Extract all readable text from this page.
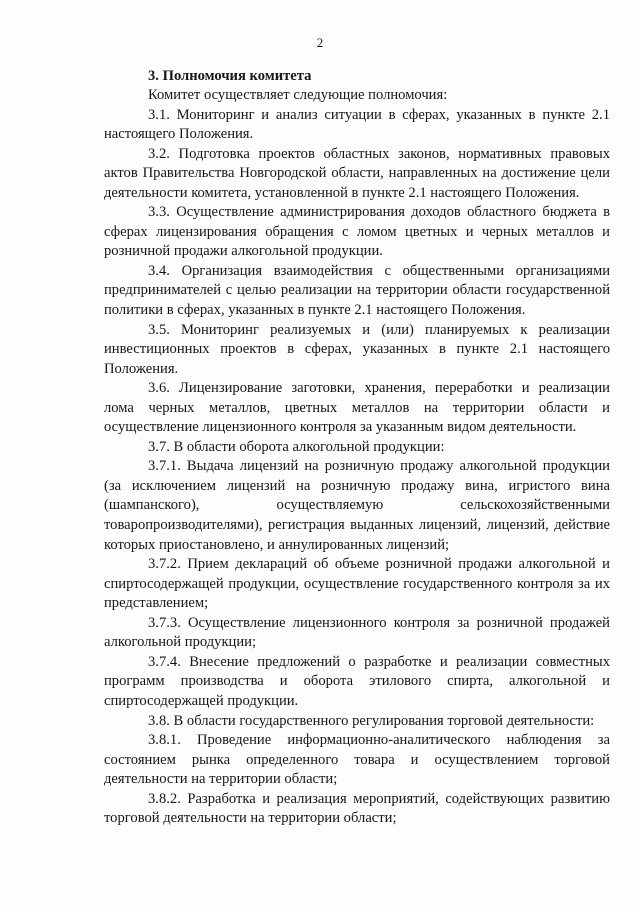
2

3. Полномочия комитета

Комитет осуществляет следующие полномочия:

3.1. Мониторинг и анализ ситуации в сферах, указанных в пункте 2.1 настоящего Положения.

3.2. Подготовка проектов областных законов, нормативных правовых актов Правительства Новгородской области, направленных на достижение цели деятельности комитета, установленной в пункте 2.1 настоящего Положения.

3.3. Осуществление администрирования доходов областного бюджета в сферах лицензирования обращения с ломом цветных и черных металлов и розничной продажи алкогольной продукции.

3.4. Организация взаимодействия с общественными организациями предпринимателей с целью реализации на территории области государственной политики в сферах, указанных в пункте 2.1 настоящего Положения.

3.5. Мониторинг реализуемых и (или) планируемых к реализации инвестиционных проектов в сферах, указанных в пункте 2.1 настоящего Положения.

3.6. Лицензирование заготовки, хранения, переработки и реализации лома черных металлов, цветных металлов на территории области и осуществление лицензионного контроля за указанным видом деятельности.

3.7. В области оборота алкогольной продукции:

3.7.1. Выдача лицензий на розничную продажу алкогольной продукции (за исключением лицензий на розничную продажу вина, игристого вина (шампанского), осуществляемую сельскохозяйственными товаропроизводителями), регистрация выданных лицензий, лицензий, действие которых приостановлено, и аннулированных лицензий;

3.7.2. Прием деклараций об объеме розничной продажи алкогольной и спиртосодержащей продукции, осуществление государственного контроля за их представлением;

3.7.3. Осуществление лицензионного контроля за розничной продажей алкогольной продукции;

3.7.4. Внесение предложений о разработке и реализации совместных программ производства и оборота этилового спирта, алкогольной и спиртосодержащей продукции.

3.8. В области государственного регулирования торговой деятельности:

3.8.1. Проведение информационно-аналитического наблюдения за состоянием рынка определенного товара и осуществлением торговой деятельности на территории области;

3.8.2. Разработка и реализация мероприятий, содействующих развитию торговой деятельности на территории области;
